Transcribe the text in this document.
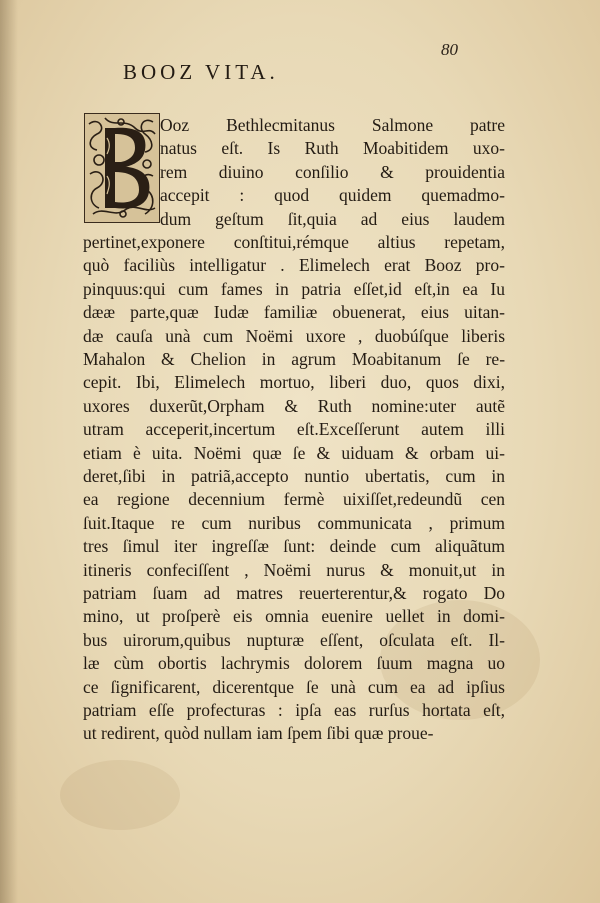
80
BOOZ VITA.
Ooz Bethlecmitanus Salmone patre
natus eſt. Is Ruth Moabitidem uxo-
rem diuino conſilio & prouidentia
accepit : quod quidem quemadmo-
dum geſtum ſit,quia ad eius laudem
pertinet,exponere conſtitui,rémque altius repetam,
quò faciliùs intelligatur . Elimelech erat Booz pro-
pinquus:qui cum fames in patria eſſet,id eſt,in ea Iu
dææ parte,quæ Iudæ familiæ obuenerat, eius uitan-
dæ cauſa unà cum Noëmi uxore , duobúſque liberis
Mahalon & Chelion in agrum Moabitanum ſe re-
cepit. Ibi, Elimelech mortuo, liberi duo, quos dixi,
uxores duxerũt,Orpham & Ruth nomine:uter autẽ
utram acceperit,incertum eſt.Exceſſerunt autem illi
etiam è uita. Noëmi quæ ſe & uiduam & orbam ui-
deret,ſibi in patriã,accepto nuntio ubertatis, cum in
ea regione decennium fermè uixiſſet,redeundũ cen
ſuit.Itaque re cum nuribus communicata , primum
tres ſimul iter ingreſſæ ſunt: deinde cum aliquãtum
itineris confeciſſent , Noëmi nurus & monuit,ut in
patriam ſuam ad matres reuerterentur,& rogato Do
mino, ut proſperè eis omnia euenire uellet in domi-
bus uirorum,quibus nupturæ eſſent, oſculata eſt. Il-
læ cùm obortis lachrymis dolorem ſuum magna uo
ce ſignificarent, dicerentque ſe unà cum ea ad ipſius
patriam eſſe profecturas : ipſa eas rurſus hortata eſt,
ut redirent, quòd nullam iam ſpem ſibi quæ proue-
